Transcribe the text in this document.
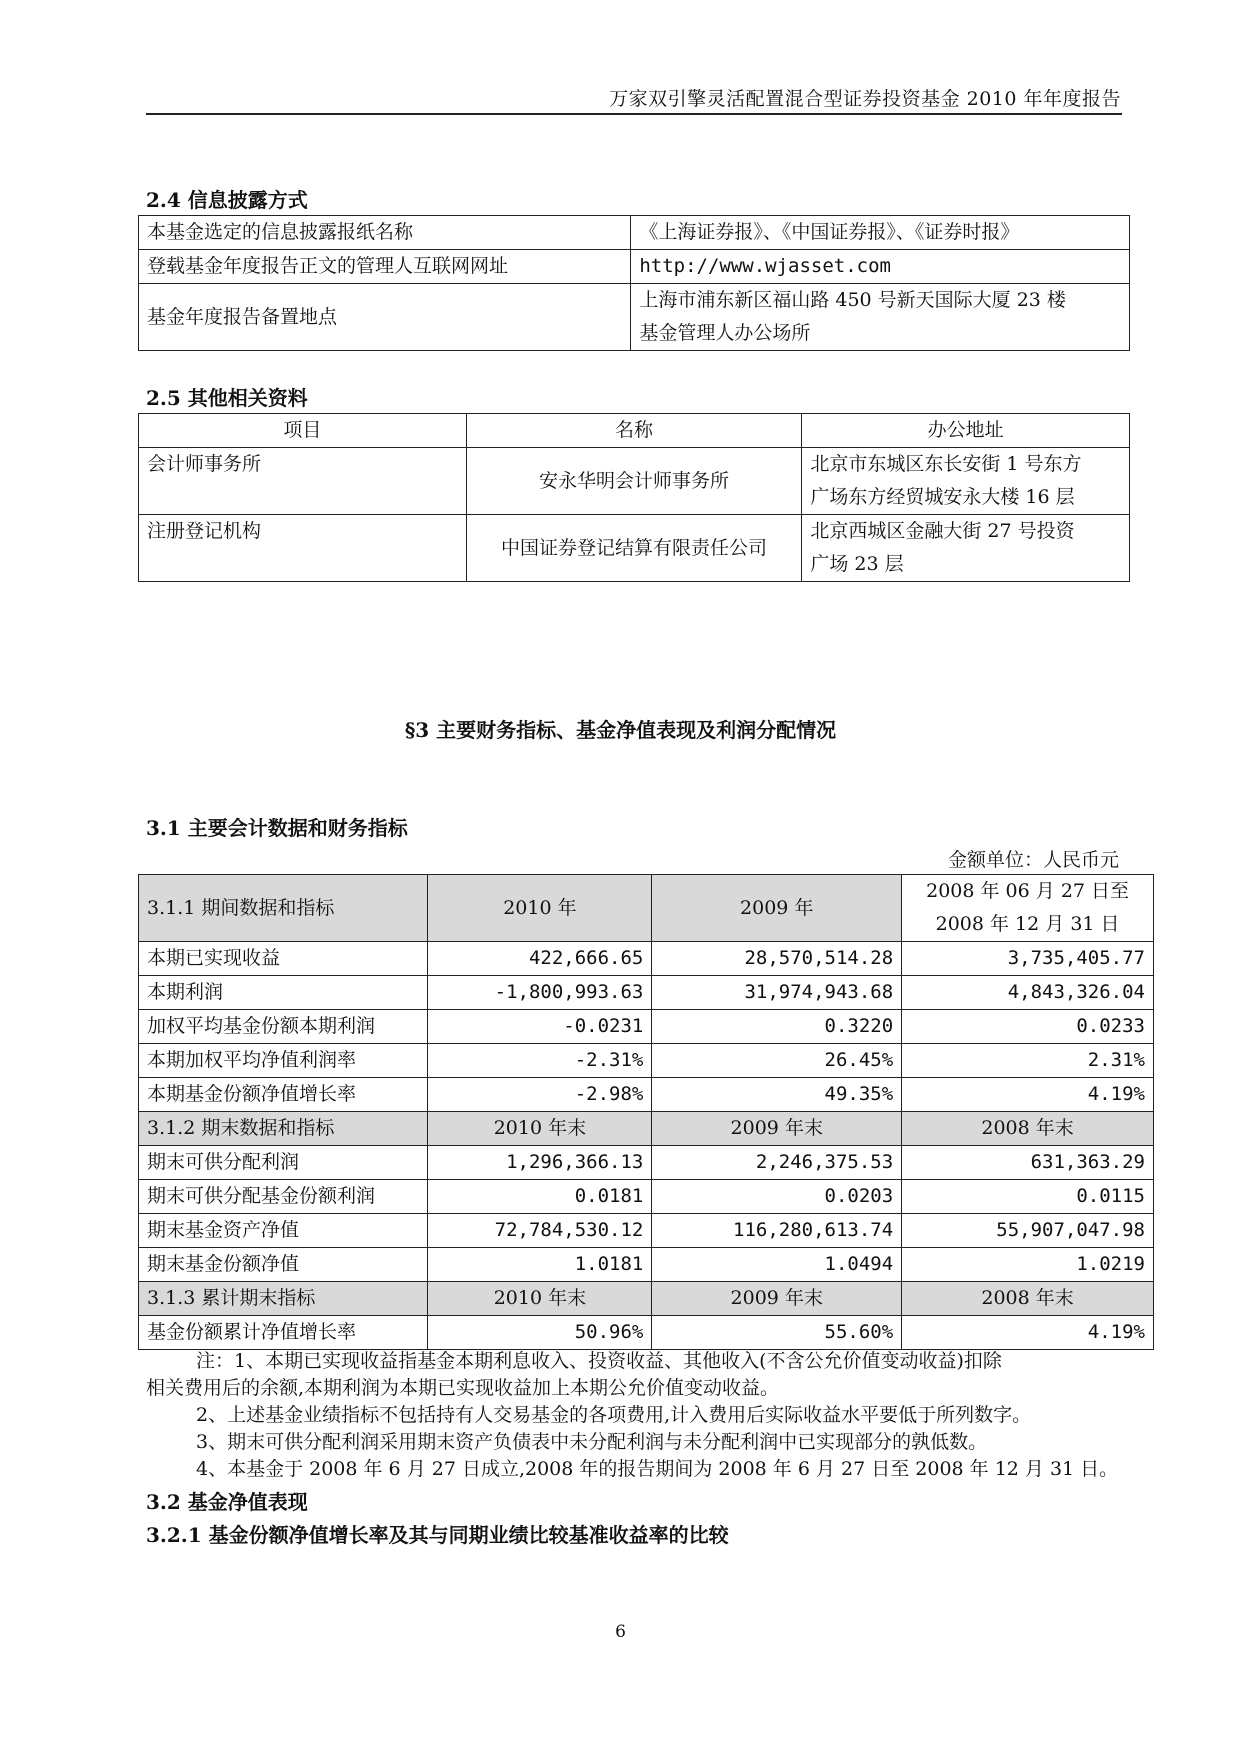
万家双引擎灵活配置混合型证券投资基金 2010 年年度报告
2.4 信息披露方式
本基金选定的信息披露报纸名称	《上海证券报》、《中国证券报》、《证券时报》
登载基金年度报告正文的管理人互联网网址	http://www.wjasset.com
基金年度报告备置地点	上海市浦东新区福山路 450 号新天国际大厦 23 楼
基金管理人办公场所
2.5 其他相关资料
项目	名称	办公地址
会计师事务所	安永华明会计师事务所	北京市东城区东长安街 1 号东方
广场东方经贸城安永大楼 16 层

注册登记机构	中国证券登记结算有限责任公司	北京西城区金融大街 27 号投资
广场 23 层
§3 主要财务指标、基金净值表现及利润分配情况
3.1 主要会计数据和财务指标
金额单位：人民币元
3.1.1 期间数据和指标	2010 年	2009 年	2008 年 06 月 27 日至
2008 年 12 月 31 日

本期已实现收益	422,666.65	28,570,514.28	3,735,405.77
本期利润	-1,800,993.63	31,974,943.68	4,843,326.04
加权平均基金份额本期利润	-0.0231	0.3220	0.0233
本期加权平均净值利润率	-2.31%	26.45%	2.31%
本期基金份额净值增长率	-2.98%	49.35%	4.19%
3.1.2 期末数据和指标	2010 年末	2009 年末	2008 年末
期末可供分配利润	1,296,366.13	2,246,375.53	631,363.29
期末可供分配基金份额利润	0.0181	0.0203	0.0115
期末基金资产净值	72,784,530.12	116,280,613.74	55,907,047.98
期末基金份额净值	1.0181	1.0494	1.0219
3.1.3 累计期末指标	2010 年末	2009 年末	2008 年末
基金份额累计净值增长率	50.96%	55.60%	4.19%
注：1、本期已实现收益指基金本期利息收入、投资收益、其他收入(不含公允价值变动收益)扣除
相关费用后的余额,本期利润为本期已实现收益加上本期公允价值变动收益。
2、上述基金业绩指标不包括持有人交易基金的各项费用,计入费用后实际收益水平要低于所列数字。
3、期末可供分配利润采用期末资产负债表中未分配利润与未分配利润中已实现部分的孰低数。
4、本基金于 2008 年 6 月 27 日成立,2008 年的报告期间为 2008 年 6 月 27 日至 2008 年 12 月 31 日。
3.2 基金净值表现
3.2.1 基金份额净值增长率及其与同期业绩比较基准收益率的比较
6
